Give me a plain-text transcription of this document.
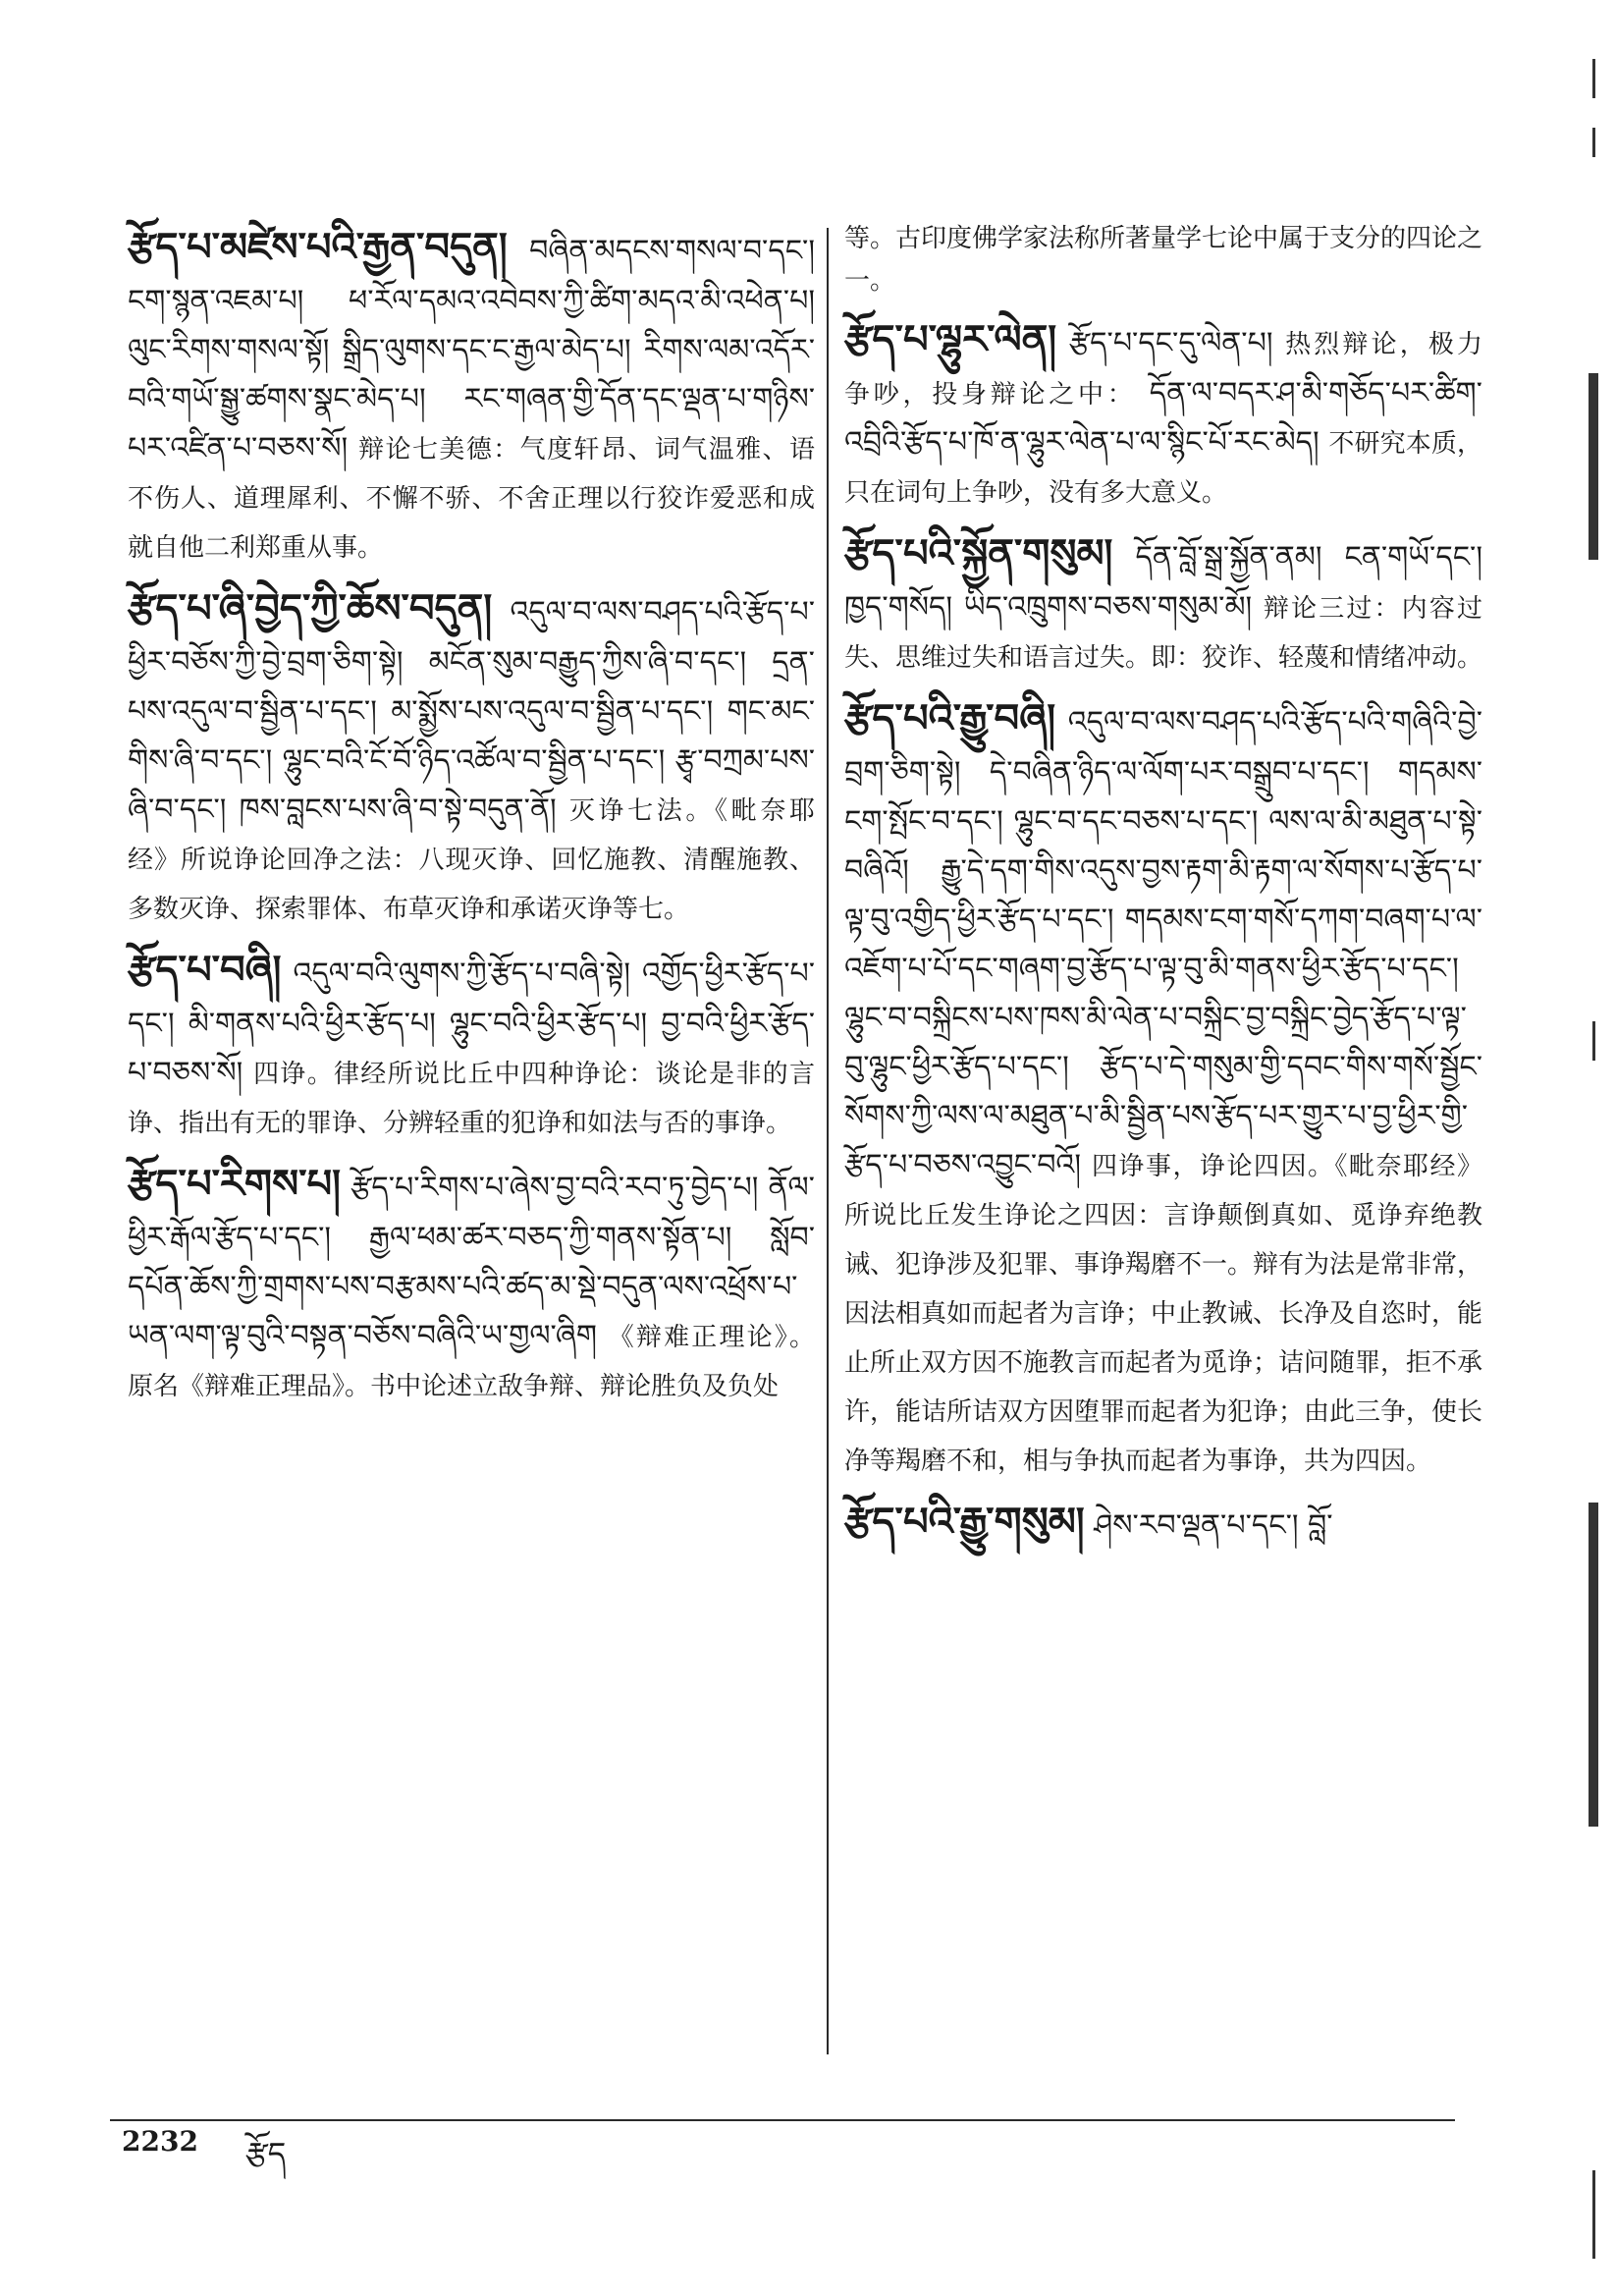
རྩོད་པ་མཛེས་པའི་རྒྱན་བདུན། བཞིན་མདངས་གསལ་བ་དང་། ངག་སྙན་འཇམ་པ། ཕ་རོལ་དམའ་འབེབས་ཀྱི་ཚིག་མདའ་མི་འཕེན་པ། ལུང་རིགས་གསལ་སྟོ། སྒྲིད་ལུགས་དང་ང་རྒྱལ་མེད་པ། རིགས་ལམ་འདོར་བའི་གཡོ་སྒྱུ་ཚགས་སྣང་མེད་པ། རང་གཞན་གྱི་དོན་དང་ལྡན་པ་གཉིས་པར་འཛིན་པ་བཅས་སོ། 辩论七美德：气度轩昂、词气温雅、语不伤人、道理犀利、不懈不骄、不舍正理以行狡诈爱恶和成就自他二利郑重从事。

རྩོད་པ་ཞི་བྱེད་ཀྱི་ཆོས་བདུན། འདུལ་བ་ལས་བཤད་པའི་རྩོད་པ་ཕྱིར་བཅོས་ཀྱི་བྱེ་བྲག་ཅིག་སྟེ། མངོན་སུམ་བརྒྱུད་ཀྱིས་ཞི་བ་དང་། དྲན་པས་འདུལ་བ་སྦྱིན་པ་དང་། མ་སྨྱོས་པས་འདུལ་བ་སྦྱིན་པ་དང་། གང་མང་གིས་ཞི་བ་དང་། ལྷུང་བའི་ངོ་བོ་ཉིད་འཚོལ་བ་སྦྱིན་པ་དང་། རྩྭ་བཀྲམ་པས་ཞི་བ་དང་། ཁས་བླངས་པས་ཞི་བ་སྟེ་བདུན་ནོ། 灭诤七法。《毗奈耶经》所说诤论回净之法：八现灭诤、回忆施教、清醒施教、多数灭诤、探索罪体、布草灭诤和承诺灭诤等七。

རྩོད་པ་བཞི། འདུལ་བའི་ལུགས་ཀྱི་རྩོད་པ་བཞི་སྟེ། འགྱོད་ཕྱིར་རྩོད་པ་དང་། མི་གནས་པའི་ཕྱིར་རྩོད་པ། ལྷུང་བའི་ཕྱིར་རྩོད་པ། བྱ་བའི་ཕྱིར་རྩོད་པ་བཅས་སོ། 四诤。律经所说比丘中四种诤论：谈论是非的言诤、指出有无的罪诤、分辨轻重的犯诤和如法与否的事诤。

རྩོད་པ་རིགས་པ། རྩོད་པ་རིགས་པ་ཞེས་བྱ་བའི་རབ་ཏུ་བྱེད་པ། ནོལ་ཕྱིར་རྒོལ་རྩོད་པ་དང་། རྒྱལ་ཕམ་ཚར་བཅད་ཀྱི་གནས་སྟོན་པ། སློབ་དཔོན་ཆོས་ཀྱི་གྲགས་པས་བརྩམས་པའི་ཚད་མ་སྡེ་བདུན་ལས་འཕྲོས་པ་ཡན་ལག་ལྟ་བུའི་བསྟན་བཅོས་བཞིའི་ཡ་གྱལ་ཞིག 《辩难正理论》。原名《辩难正理品》。书中论述立敌争辩、辩论胜负及负处

等。古印度佛学家法称所著量学七论中属于支分的四论之一。

རྩོད་པ་ལྷུར་ལེན། རྩོད་པ་དང་དུ་ལེན་པ། 热烈辩论，极力争吵，投身辩论之中： དོན་ལ་བདར་ཤ་མི་གཅོད་པར་ཚིག་འབྲིའི་རྩོད་པ་ཁོ་ན་ལྷུར་ལེན་པ་ལ་སྙིང་པོ་རང་མེད། 不研究本质，只在词句上争吵，没有多大意义。

རྩོད་པའི་སྐྱོན་གསུམ། དོན་བློ་སྒྲ་སྐྱོན་ནམ། ངན་གཡོ་དང་། ཁྱད་གསོད། ཡིད་འཁྲུགས་བཅས་གསུམ་མོ། 辩论三过：内容过失、思维过失和语言过失。即：狡诈、轻蔑和情绪冲动。

རྩོད་པའི་རྒྱུ་བཞི། འདུལ་བ་ལས་བཤད་པའི་རྩོད་པའི་གཞིའི་བྱེ་བྲག་ཅིག་སྟེ། དེ་བཞིན་ཉིད་ལ་ལོག་པར་བསྒྲུབ་པ་དང་། གདམས་ངག་སྤོང་བ་དང་། ལྷུང་བ་དང་བཅས་པ་དང་། ལས་ལ་མི་མཐུན་པ་སྟེ་བཞིའོ། རྒྱུ་དེ་དག་གིས་འདུས་བྱས་རྟག་མི་རྟག་ལ་སོགས་པ་རྩོད་པ་ལྟ་བུ་འགྱིད་ཕྱིར་རྩོད་པ་དང་། གདམས་ངག་གསོ་དཀག་བཞག་པ་ལ་འཇོག་པ་པོ་དང་གཞག་བྱ་རྩོད་པ་ལྟ་བུ་མི་གནས་ཕྱིར་རྩོད་པ་དང་། ལྷུང་བ་བསྐྲིངས་པས་ཁས་མི་ལེན་པ་བསྐྲིང་བྱ་བསྐྲིང་བྱེད་རྩོད་པ་ལྟ་བུ་ལྷུང་ཕྱིར་རྩོད་པ་དང་། རྩོད་པ་དེ་གསུམ་གྱི་དབང་གིས་གསོ་སྦྱོང་སོགས་ཀྱི་ལས་ལ་མཐུན་པ་མི་སྦྱིན་པས་རྩོད་པར་གྱུར་པ་བྱ་ཕྱིར་གྱི་རྩོད་པ་བཅས་འབྱུང་བའོ། 四诤事，诤论四因。《毗奈耶经》所说比丘发生诤论之四因：言诤颠倒真如、觅诤弃绝教诫、犯诤涉及犯罪、事诤羯磨不一。辩有为法是常非常，因法相真如而起者为言诤；中止教诫、长净及自恣时，能止所止双方因不施教言而起者为觅诤；诘问随罪，拒不承许，能诘所诘双方因堕罪而起者为犯诤；由此三争，使长净等羯磨不和，相与争执而起者为事诤，共为四因。

རྩོད་པའི་རྒྱུ་གསུམ། ཤེས་རབ་ལྡན་པ་དང་། བློ་

2232 རྩོད
